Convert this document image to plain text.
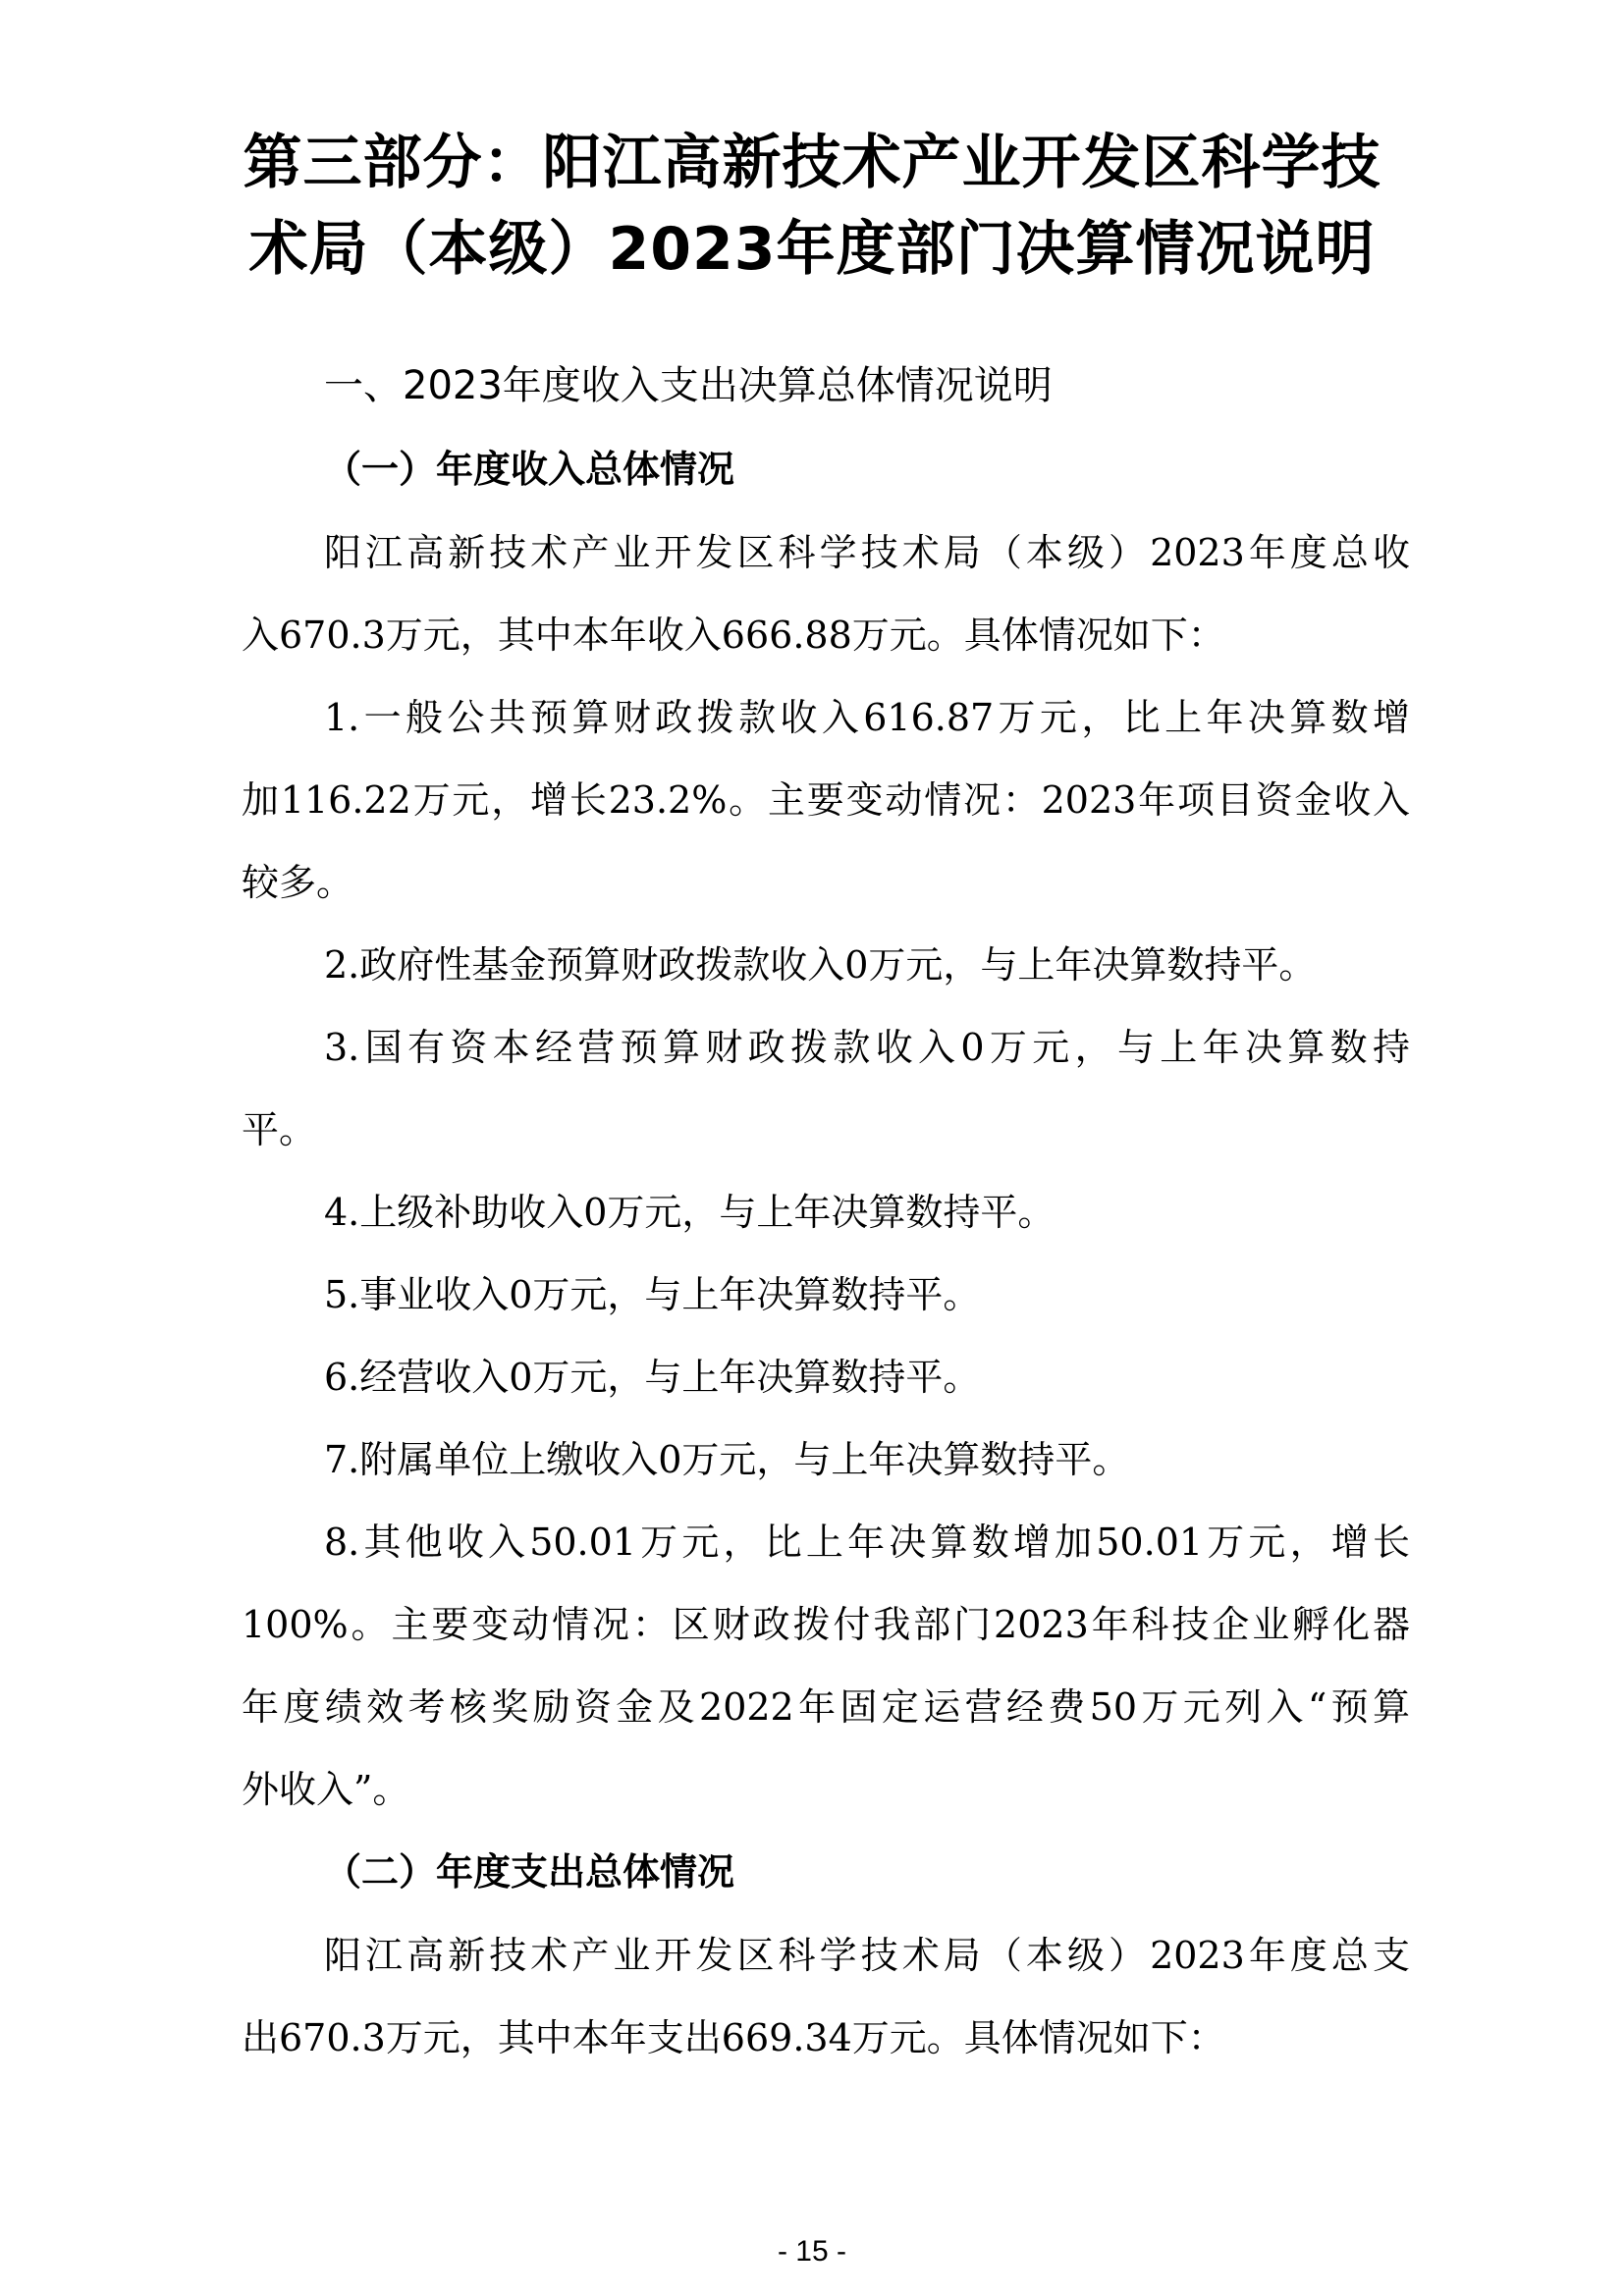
第三部分：阳江高新技术产业开发区科学技
术局（本级）2023年度部门决算情况说明
一、2023年度收入支出决算总体情况说明
（一）年度收入总体情况
阳江高新技术产业开发区科学技术局（本级）2023年度总收
入670.3万元，其中本年收入666.88万元。具体情况如下：
1.一般公共预算财政拨款收入616.87万元，比上年决算数增
加116.22万元，增长23.2%。主要变动情况：2023年项目资金收入
较多。
2.政府性基金预算财政拨款收入0万元，与上年决算数持平。
3.国有资本经营预算财政拨款收入0万元，与上年决算数持
平。
4.上级补助收入0万元，与上年决算数持平。
5.事业收入0万元，与上年决算数持平。
6.经营收入0万元，与上年决算数持平。
7.附属单位上缴收入0万元，与上年决算数持平。
8.其他收入50.01万元，比上年决算数增加50.01万元，增长
100%。主要变动情况：区财政拨付我部门2023年科技企业孵化器
年度绩效考核奖励资金及2022年固定运营经费50万元列入“预算
外收入”。
（二）年度支出总体情况
阳江高新技术产业开发区科学技术局（本级）2023年度总支
出670.3万元，其中本年支出669.34万元。具体情况如下：
- 15 -
